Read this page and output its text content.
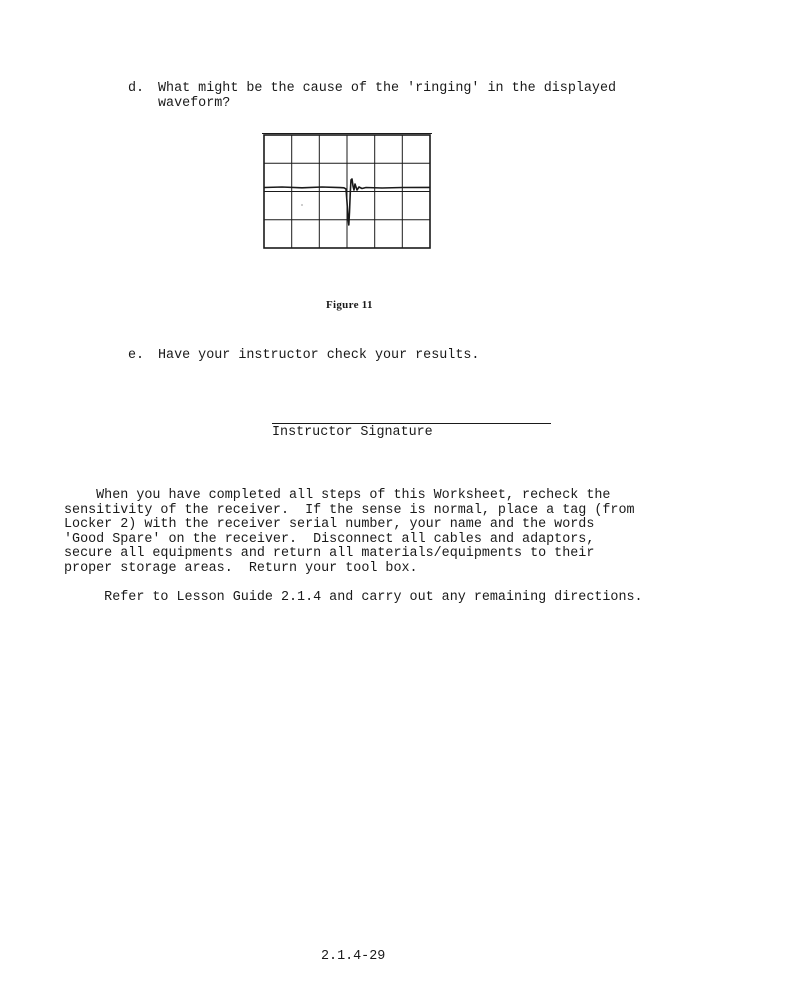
d. What might be the cause of the 'ringing' in the displayed
waveform?
Figure 11
e. Have your instructor check your results.
Instructor Signature
When you have completed all steps of this Worksheet, recheck the
sensitivity of the receiver.  If the sense is normal, place a tag (from
Locker 2) with the receiver serial number, your name and the words
'Good Spare' on the receiver.  Disconnect all cables and adaptors,
secure all equipments and return all materials/equipments to their
proper storage areas.  Return your tool box.
Refer to Lesson Guide 2.1.4 and carry out any remaining directions.
2.1.4-29
